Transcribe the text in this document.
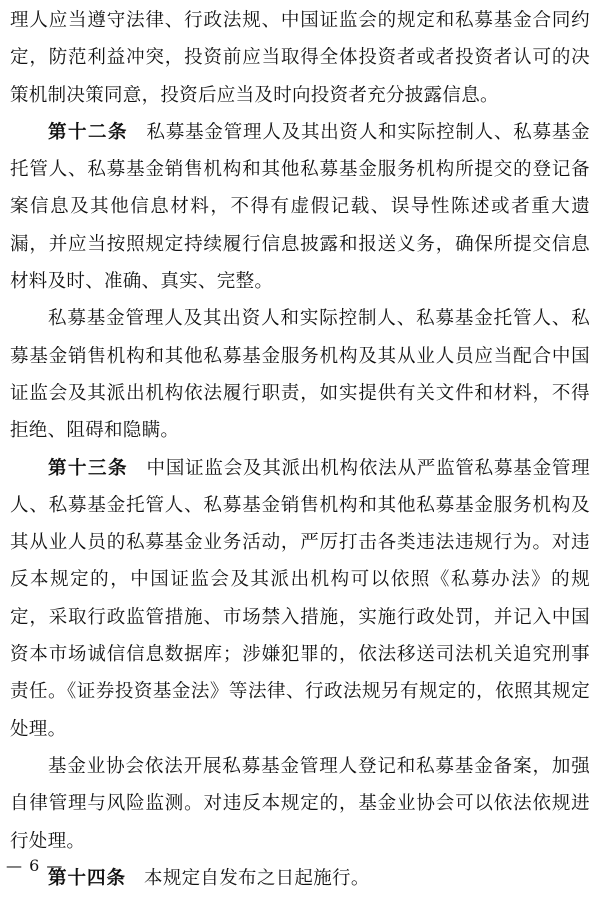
理人应当遵守法律、行政法规、中国证监会的规定和私募基金合同约定，防范利益冲突，投资前应当取得全体投资者或者投资者认可的决策机制决策同意，投资后应当及时向投资者充分披露信息。

第十二条 私募基金管理人及其出资人和实际控制人、私募基金托管人、私募基金销售机构和其他私募基金服务机构所提交的登记备案信息及其他信息材料，不得有虚假记载、误导性陈述或者重大遗漏，并应当按照规定持续履行信息披露和报送义务，确保所提交信息材料及时、准确、真实、完整。

私募基金管理人及其出资人和实际控制人、私募基金托管人、私募基金销售机构和其他私募基金服务机构及其从业人员应当配合中国证监会及其派出机构依法履行职责，如实提供有关文件和材料，不得拒绝、阻碍和隐瞒。

第十三条 中国证监会及其派出机构依法从严监管私募基金管理人、私募基金托管人、私募基金销售机构和其他私募基金服务机构及其从业人员的私募基金业务活动，严厉打击各类违法违规行为。对违反本规定的，中国证监会及其派出机构可以依照《私募办法》的规定，采取行政监管措施、市场禁入措施，实施行政处罚，并记入中国资本市场诚信信息数据库；涉嫌犯罪的，依法移送司法机关追究刑事责任。《证券投资基金法》等法律、行政法规另有规定的，依照其规定处理。

基金业协会依法开展私募基金管理人登记和私募基金备案，加强自律管理与风险监测。对违反本规定的，基金业协会可以依法依规进行处理。

第十四条 本规定自发布之日起施行。

— 6 —
